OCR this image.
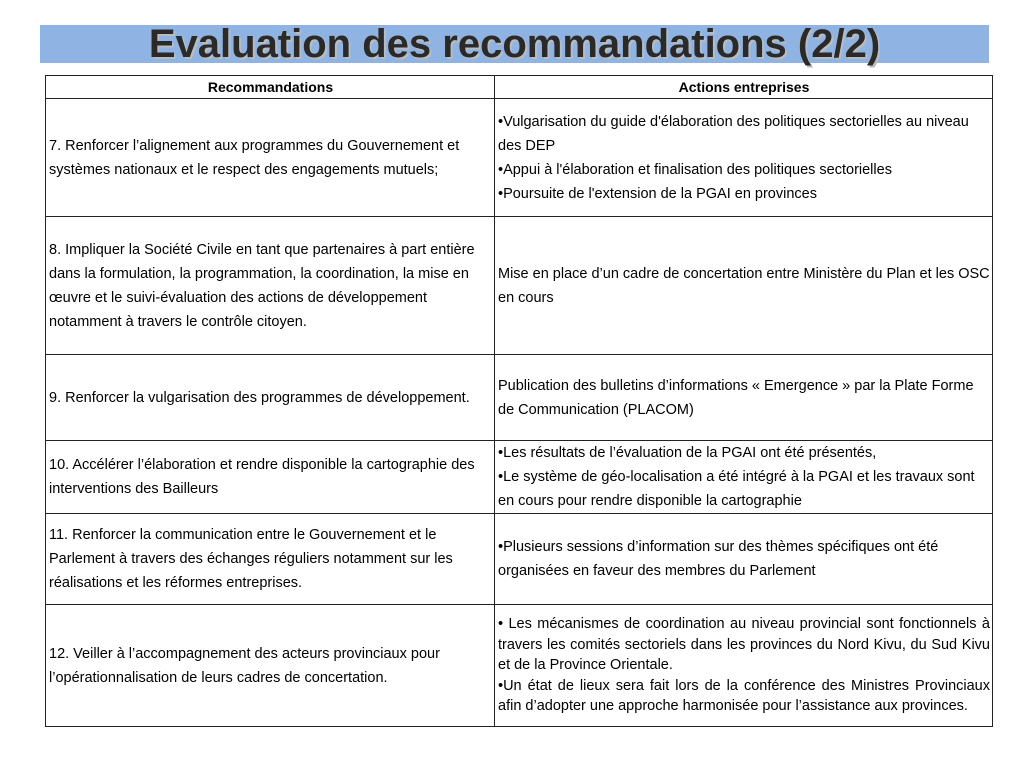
Evaluation des recommandations (2/2)
Recommandations	Actions entreprises
7. Renforcer l’alignement aux programmes du Gouvernement et systèmes nationaux et le respect des engagements mutuels;	•Vulgarisation du guide d'élaboration des politiques sectorielles au niveau des DEP
•Appui à l'élaboration et finalisation des politiques sectorielles
•Poursuite de l'extension de la PGAI en provinces

8. Impliquer la Société Civile en tant que partenaires à part entière dans la formulation, la programmation, la coordination, la mise en œuvre et le suivi-évaluation des actions de développement notamment à travers le contrôle citoyen.	Mise en place d’un cadre de concertation entre Ministère du Plan et les OSC en cours

9. Renforcer la vulgarisation des programmes de développement.	Publication des bulletins d’informations « Emergence » par la Plate Forme de Communication (PLACOM)

10. Accélérer l’élaboration et rendre disponible la cartographie des interventions des Bailleurs	•Les résultats de l’évaluation de la PGAI ont été présentés,
•Le système de géo-localisation a été intégré à la PGAI et les travaux sont en cours pour rendre disponible la cartographie

11. Renforcer la communication entre le Gouvernement et le Parlement à travers des échanges réguliers notamment sur les réalisations et les réformes entreprises.	•Plusieurs sessions d’information sur des thèmes spécifiques ont été organisées en faveur des membres du Parlement

12. Veiller à l’accompagnement des acteurs provinciaux pour l’opérationnalisation de leurs cadres de concertation.	• Les mécanismes de coordination au niveau provincial sont fonctionnels à travers les comités sectoriels dans les provinces du Nord Kivu, du Sud Kivu et de la Province Orientale.
•Un état de lieux sera fait lors de la conférence des Ministres Provinciaux afin d’adopter une approche harmonisée pour l’assistance aux provinces.
